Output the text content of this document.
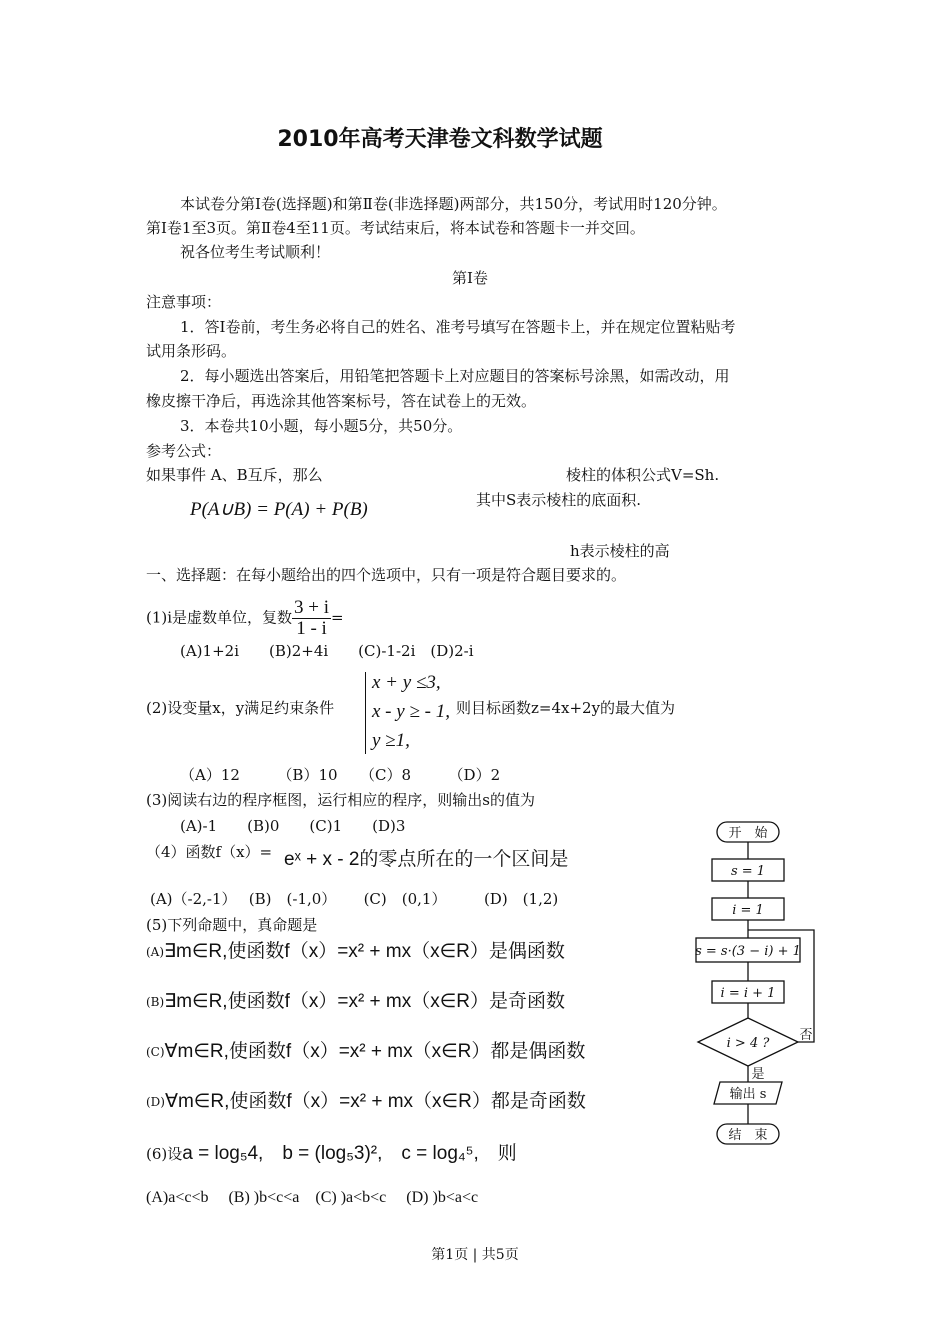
2010年高考天津卷文科数学试题
本试卷分第I卷(选择题)和第Ⅱ卷(非选择题)两部分，共150分，考试用时120分钟。
第Ⅰ卷1至3页。第Ⅱ卷4至11页。考试结束后，将本试卷和答题卡一并交回。
祝各位考生考试顺利！
第Ⅰ卷
注意事项：
1．答Ⅰ卷前，考生务必将自己的姓名、准考号填写在答题卡上，并在规定位置粘贴考
试用条形码。
2．每小题选出答案后，用铅笔把答题卡上对应题目的答案标号涂黑，如需改动，用
橡皮擦干净后，再选涂其他答案标号，答在试卷上的无效。
3．本卷共10小题，每小题5分，共50分。
参考公式：
如果事件 A、B互斥，那么
P(A∪B) = P(A) + P(B)
棱柱的体积公式V=Sh.
其中S表示棱柱的底面积.
h表示棱柱的高
一、选择题：在每小题给出的四个选项中，只有一项是符合题目要求的。
(1)i是虚数单位，复数 $\frac{3 + i}{1 - i}$ =
(A)1+2i　　(B)2+4i　　(C)-1-2i　(D)2-i
(2)设变量x，y满足约束条件
x + y ≤3,
x - y ≥ - 1,
y ≥1,
则目标函数z=4x+2y的最大值为
（A）12　　　（B）10　　（C）8　　　（D）2
(3)阅读右边的程序框图，运行相应的程序，则输出s的值为
(A)-1　　(B)0　　(C)1　　(D)3
（4）函数f（x）= eˣ + x - 2的零点所在的一个区间是
(A)（-2,-1）　 (B)　(-1,0）　　 (C)　(0,1）　　　(D)　(1,2)
(5)下列命题中，真命题是
$^{(A)}$∃m∈R,使函数f（x）=x² + mx（x∈R）是偶函数
$^{(B)}$∃m∈R,使函数f（x）=x² + mx（x∈R）是奇函数
$^{(C)}$∀m∈R,使函数f（x）=x² + mx（x∈R）都是偶函数
$^{(D)}$∀m∈R,使函数f（x）=x² + mx（x∈R）都是奇函数
(6)设a = log₅4,　b = (log₅3)²,　c = log₄⁵,　则
(A)a<c<b　 (B) )b<c<a　(C) )a<b<c　 (D) )b<a<c
开　始
s = 1
i = 1
s = s·(3 − i) + 1
i = i + 1
i > 4 ?
否
是
输出 s
结　束
第1页 | 共5页
